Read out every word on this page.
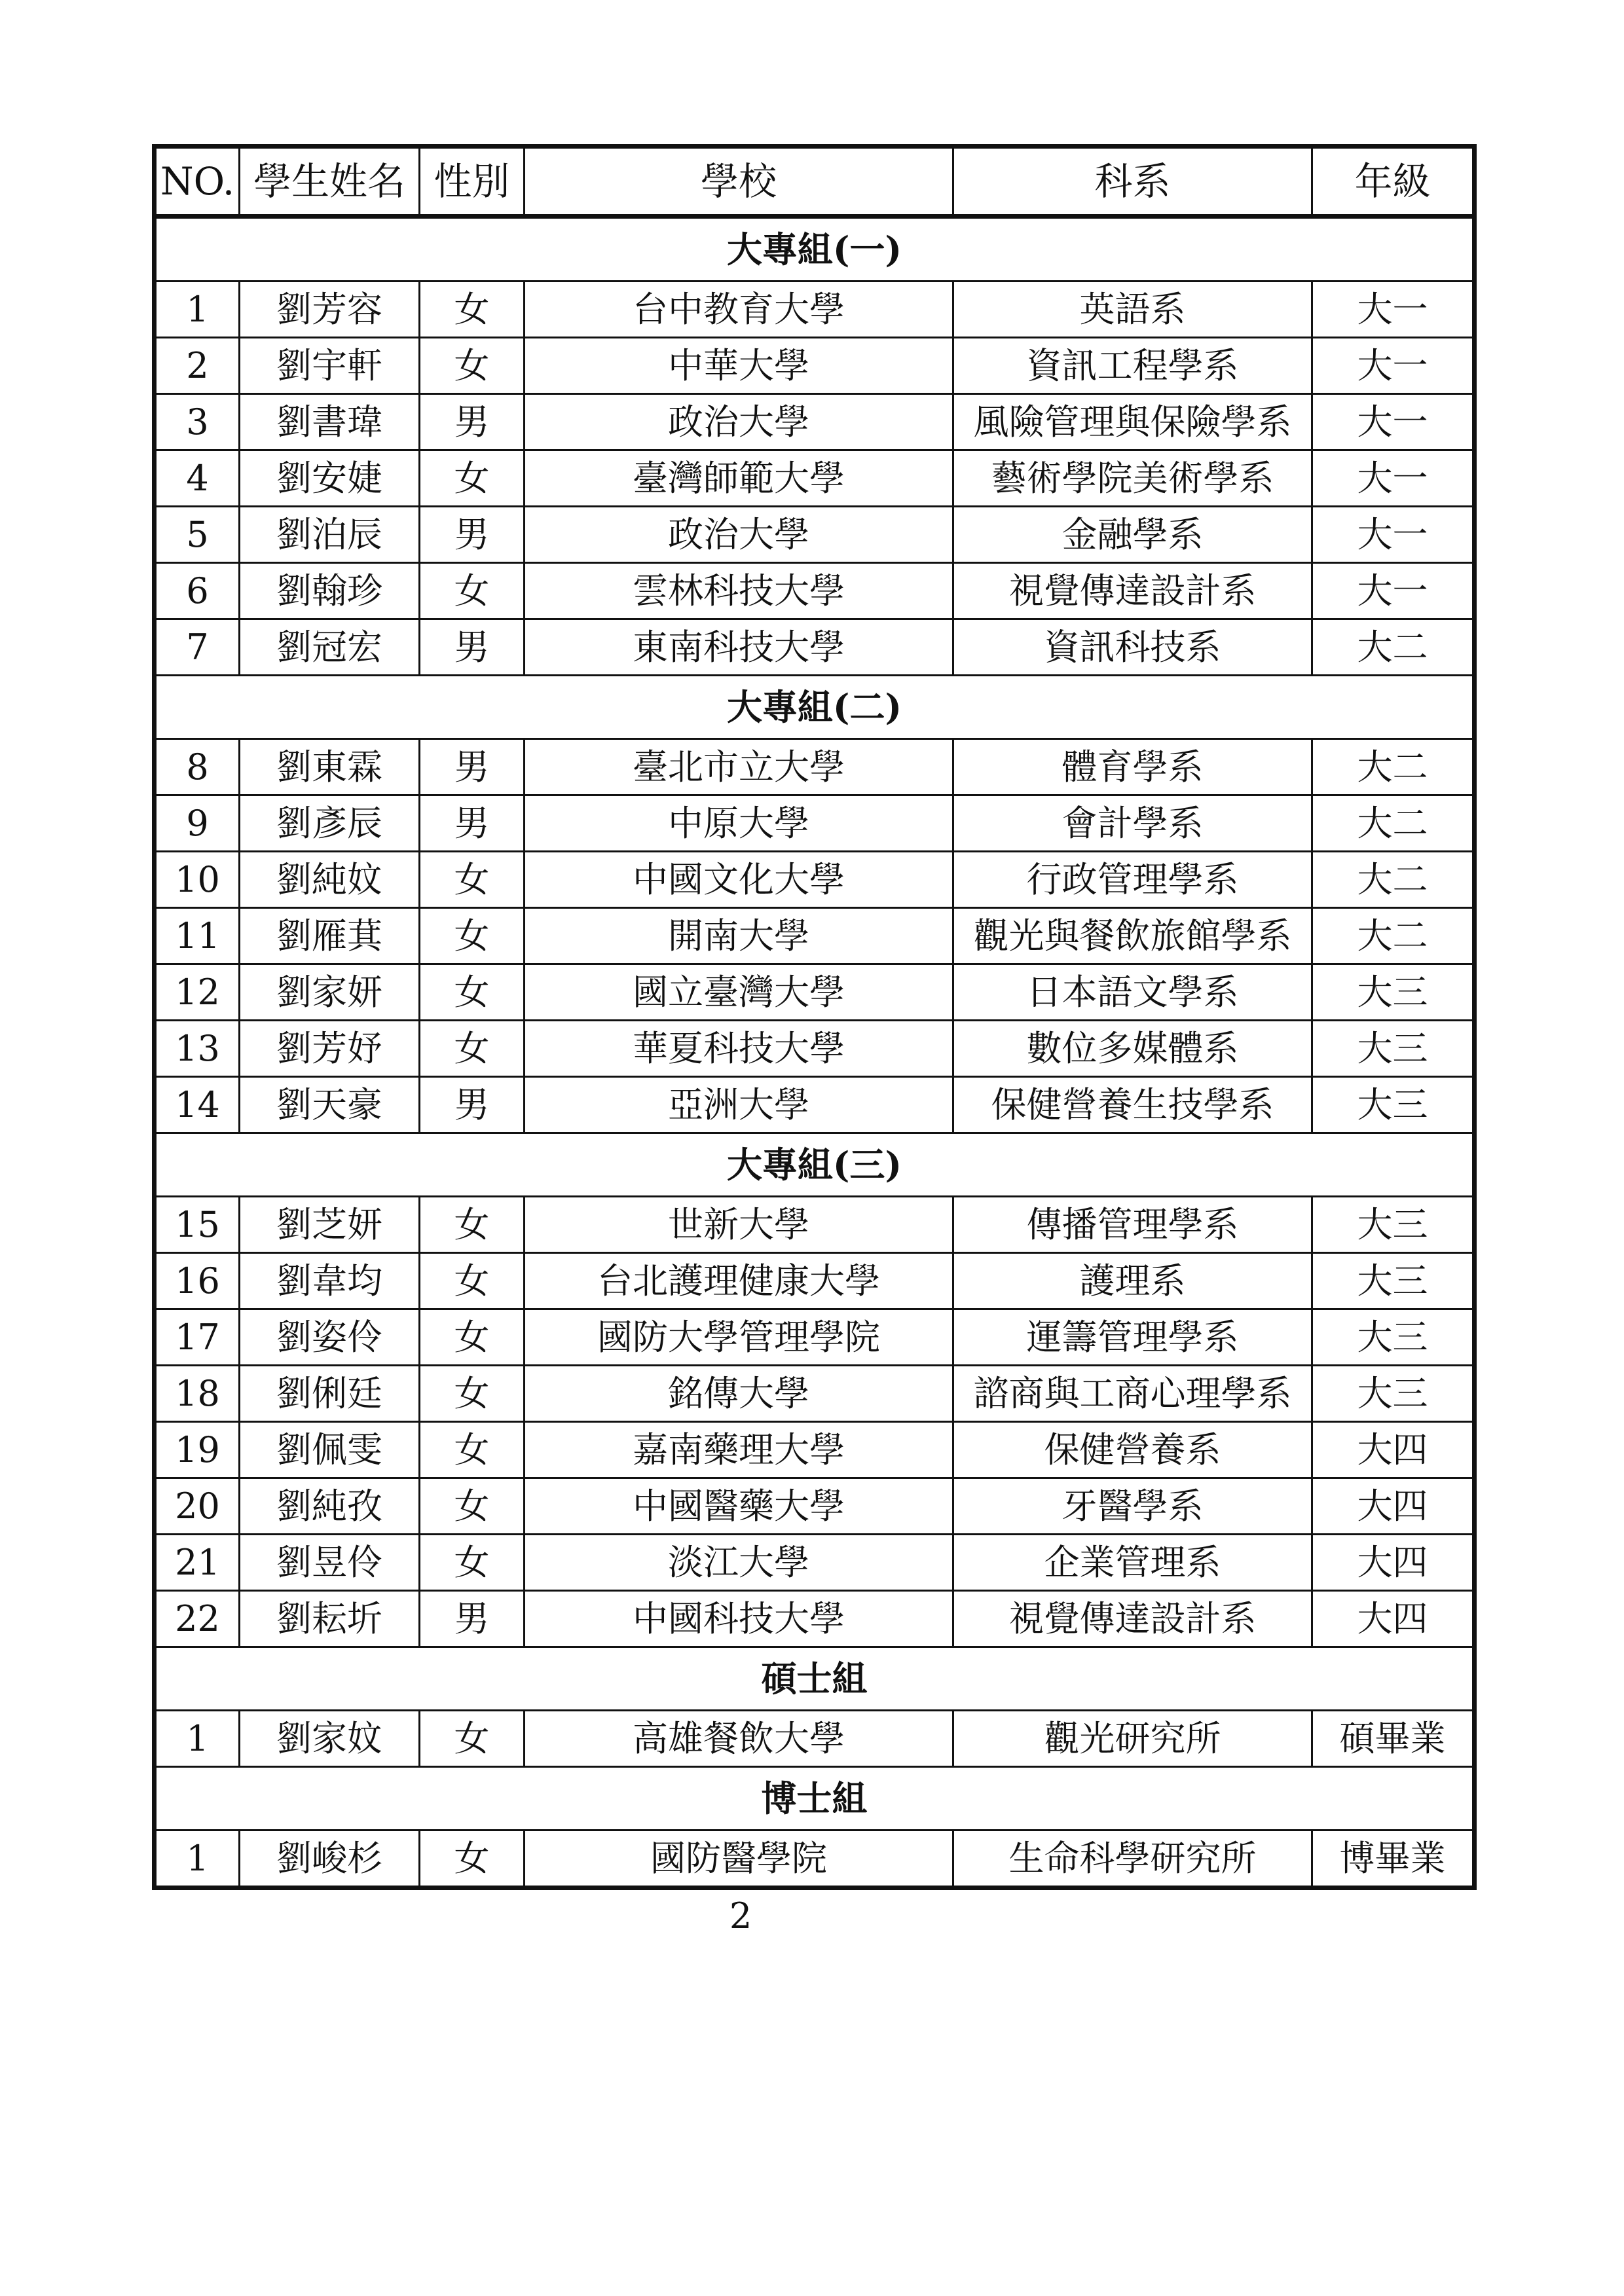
NO.	學生姓名	性別	學校	科系	年級
大專組(一)					
1	劉芳容	女	台中教育大學	英語系	大一
2	劉宇軒	女	中華大學	資訊工程學系	大一
3	劉書瑋	男	政治大學	風險管理與保險學系	大一
4	劉安婕	女	臺灣師範大學	藝術學院美術學系	大一
5	劉泊辰	男	政治大學	金融學系	大一
6	劉翰珍	女	雲林科技大學	視覺傳達設計系	大一
7	劉冠宏	男	東南科技大學	資訊科技系	大二
大專組(二)					
8	劉東霖	男	臺北市立大學	體育學系	大二
9	劉彥辰	男	中原大學	會計學系	大二
10	劉純妏	女	中國文化大學	行政管理學系	大二
11	劉雁萁	女	開南大學	觀光與餐飲旅館學系	大二
12	劉家妍	女	國立臺灣大學	日本語文學系	大三
13	劉芳妤	女	華夏科技大學	數位多媒體系	大三
14	劉天豪	男	亞洲大學	保健營養生技學系	大三
大專組(三)					
15	劉芝妍	女	世新大學	傳播管理學系	大三
16	劉韋均	女	台北護理健康大學	護理系	大三
17	劉姿伶	女	國防大學管理學院	運籌管理學系	大三
18	劉俐廷	女	銘傳大學	諮商與工商心理學系	大三
19	劉佩雯	女	嘉南藥理大學	保健營養系	大四
20	劉純孜	女	中國醫藥大學	牙醫學系	大四
21	劉昱伶	女	淡江大學	企業管理系	大四
22	劉耘圻	男	中國科技大學	視覺傳達設計系	大四
碩士組					
1	劉家妏	女	高雄餐飲大學	觀光研究所	碩畢業
博士組					
1	劉峻杉	女	國防醫學院	生命科學研究所	博畢業
2
